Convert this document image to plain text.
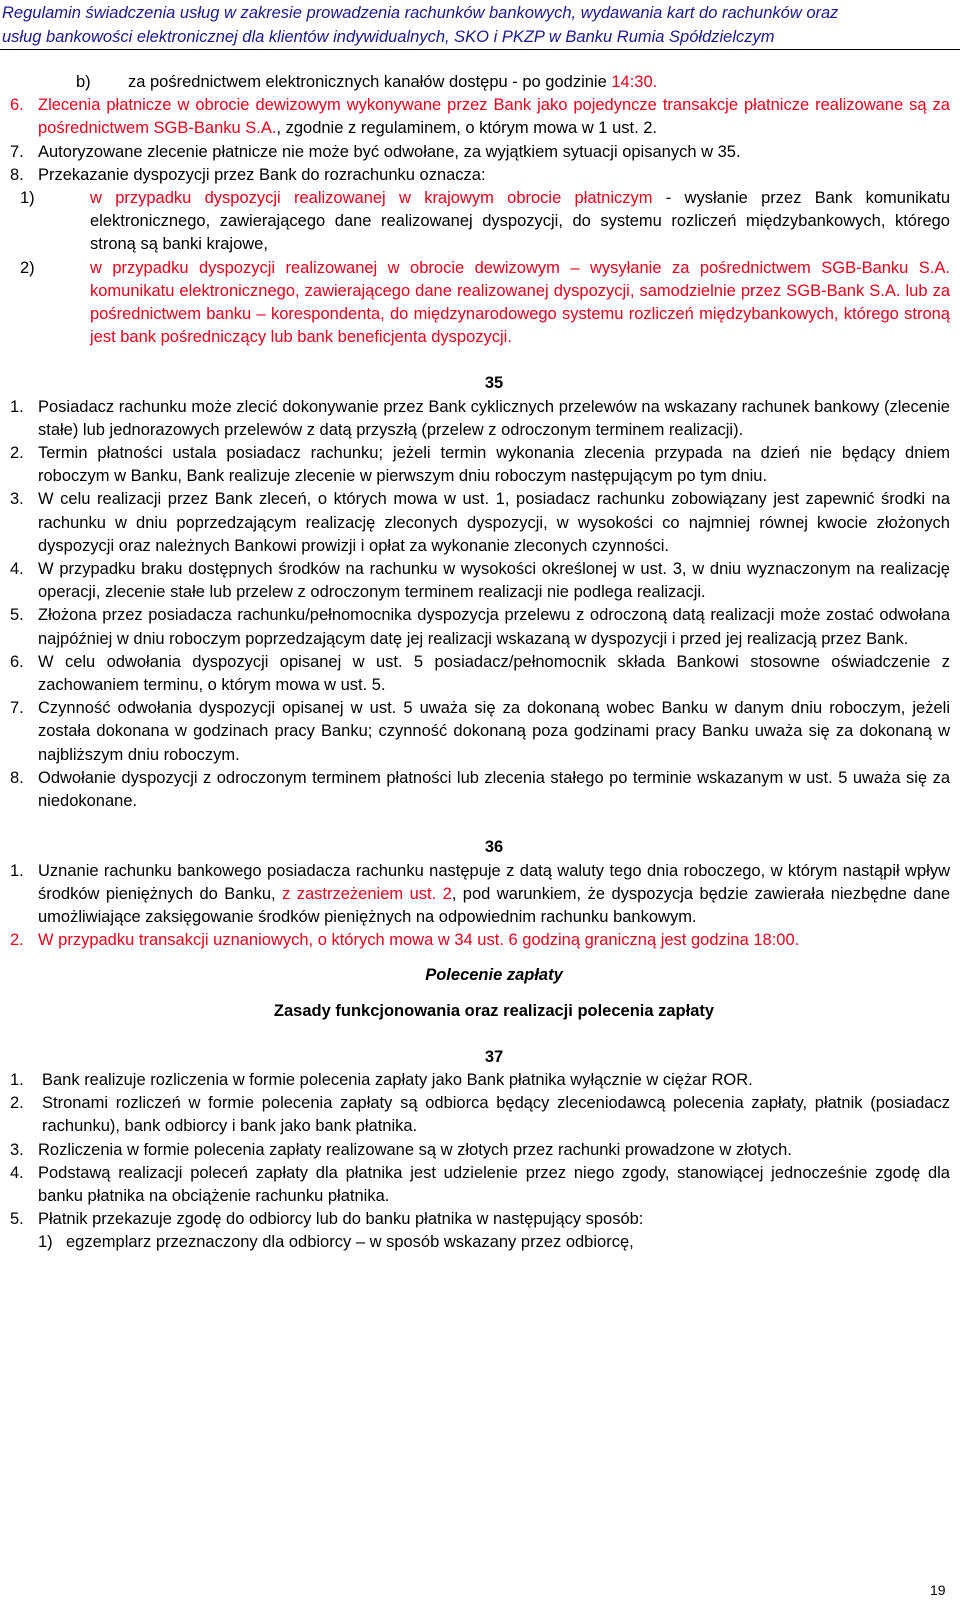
Regulamin świadczenia usług w zakresie prowadzenia rachunków bankowych, wydawania kart do rachunków oraz
usług bankowości elektronicznej dla klientów indywidualnych, SKO i PKZP w Banku Rumia Spółdzielczym
b)	za pośrednictwem elektronicznych kanałów dostępu - po godzinie 14:30.
6. Zlecenia płatnicze w obrocie dewizowym wykonywane przez Bank jako pojedyncze transakcje płatnicze realizowane są za pośrednictwem SGB-Banku S.A., zgodnie z regulaminem, o którym mowa w 1 ust. 2.
7. Autoryzowane zlecenie płatnicze nie może być odwołane, za wyjątkiem sytuacji opisanych w 35.
8. Przekazanie dyspozycji przez Bank do rozrachunku oznacza:
1)	w przypadku dyspozycji realizowanej w krajowym obrocie płatniczym - wysłanie przez Bank komunikatu elektronicznego, zawierającego dane realizowanej dyspozycji, do systemu rozliczeń międzybankowych, którego stroną są banki krajowe,
2)	w przypadku dyspozycji realizowanej w obrocie dewizowym – wysyłanie za pośrednictwem SGB-Banku S.A. komunikatu elektronicznego, zawierającego dane realizowanej dyspozycji, samodzielnie przez SGB-Bank S.A. lub za pośrednictwem banku – korespondenta, do międzynarodowego systemu rozliczeń międzybankowych, którego stroną jest bank pośredniczący lub bank beneficjenta dyspozycji.
35
1. Posiadacz rachunku może zlecić dokonywanie przez Bank cyklicznych przelewów na wskazany rachunek bankowy (zlecenie stałe) lub jednorazowych przelewów z datą przyszłą (przelew z odroczonym terminem realizacji).
2. Termin płatności ustala posiadacz rachunku; jeżeli termin wykonania zlecenia przypada na dzień nie będący dniem roboczym w Banku, Bank realizuje zlecenie w pierwszym dniu roboczym następującym po tym dniu.
3. W celu realizacji przez Bank zleceń, o których mowa w ust. 1, posiadacz rachunku zobowiązany jest zapewnić środki na rachunku w dniu poprzedzającym realizację zleconych dyspozycji, w wysokości co najmniej równej kwocie złożonych dyspozycji oraz należnych Bankowi prowizji i opłat za wykonanie zleconych czynności.
4. W przypadku braku dostępnych środków na rachunku w wysokości określonej w ust. 3, w dniu wyznaczonym na realizację operacji, zlecenie stałe lub przelew z odroczonym terminem realizacji nie podlega realizacji.
5. Złożona przez posiadacza rachunku/pełnomocnika dyspozycja przelewu z odroczoną datą realizacji może zostać odwołana najpóźniej w dniu roboczym poprzedzającym datę jej realizacji wskazaną w dyspozycji i przed jej realizacją przez Bank.
6. W celu odwołania dyspozycji opisanej w ust. 5 posiadacz/pełnomocnik składa Bankowi stosowne oświadczenie z zachowaniem terminu, o którym mowa w ust. 5.
7. Czynność odwołania dyspozycji opisanej w ust. 5 uważa się za dokonaną wobec Banku w danym dniu roboczym, jeżeli została dokonana w godzinach pracy Banku; czynność dokonaną poza godzinami pracy Banku uważa się za dokonaną w najbliższym dniu roboczym.
8. Odwołanie dyspozycji z odroczonym terminem płatności lub zlecenia stałego po terminie wskazanym w ust. 5 uważa się za niedokonane.
36
1. Uznanie rachunku bankowego posiadacza rachunku następuje z datą waluty tego dnia roboczego, w którym nastąpił wpływ środków pieniężnych do Banku, z zastrzeżeniem ust. 2, pod warunkiem, że dyspozycja będzie zawierała niezbędne dane umożliwiające zaksięgowanie środków pieniężnych na odpowiednim rachunku bankowym.
2. W przypadku transakcji uznaniowych, o których mowa w 34 ust. 6 godziną graniczną jest godzina 18:00.
Polecenie zapłaty
Zasady funkcjonowania oraz realizacji polecenia zapłaty
37
1.	Bank realizuje rozliczenia w formie polecenia zapłaty jako Bank płatnika wyłącznie w ciężar ROR.
2.	Stronami rozliczeń w formie polecenia zapłaty są odbiorca będący zleceniodawcą polecenia zapłaty, płatnik (posiadacz rachunku), bank odbiorcy i bank jako bank płatnika.
3. Rozliczenia w formie polecenia zapłaty realizowane są w złotych przez rachunki prowadzone w złotych.
4. Podstawą realizacji poleceń zapłaty dla płatnika jest udzielenie przez niego zgody, stanowiącej jednocześnie zgodę dla banku płatnika na obciążenie rachunku płatnika.
5. Płatnik przekazuje zgodę do odbiorcy lub do banku płatnika w następujący sposób:
1) egzemplarz przeznaczony dla odbiorcy – w sposób wskazany przez odbiorcę,
19
